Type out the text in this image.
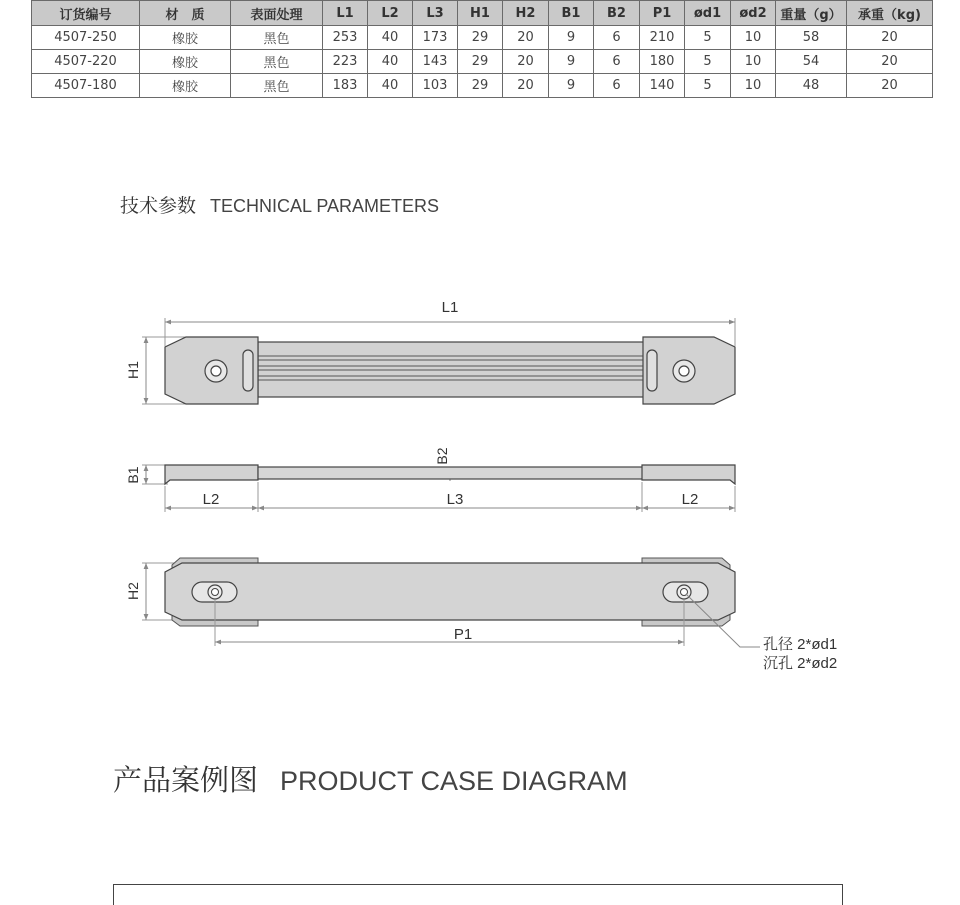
订货编号	材　质	表面处理	L1	L2	L3	H1	H2	B1	B2	P1	ød1	ød2	重量（g）	承重（kg)
4507-250	橡胶	黑色	253	40	173	29	20	9	6	210	5	10	58	20
4507-220	橡胶	黑色	223	40	143	29	20	9	6	180	5	10	54	20
4507-180	橡胶	黑色	183	40	103	29	20	9	6	140	5	10	48	20
技术参数 TECHNICAL PARAMETERS
L1
H1
B1
B2
L2	L3	L2
H2
P1
孔径 2*ød1
沉孔 2*ød2
产品案例图 PRODUCT CASE DIAGRAM
